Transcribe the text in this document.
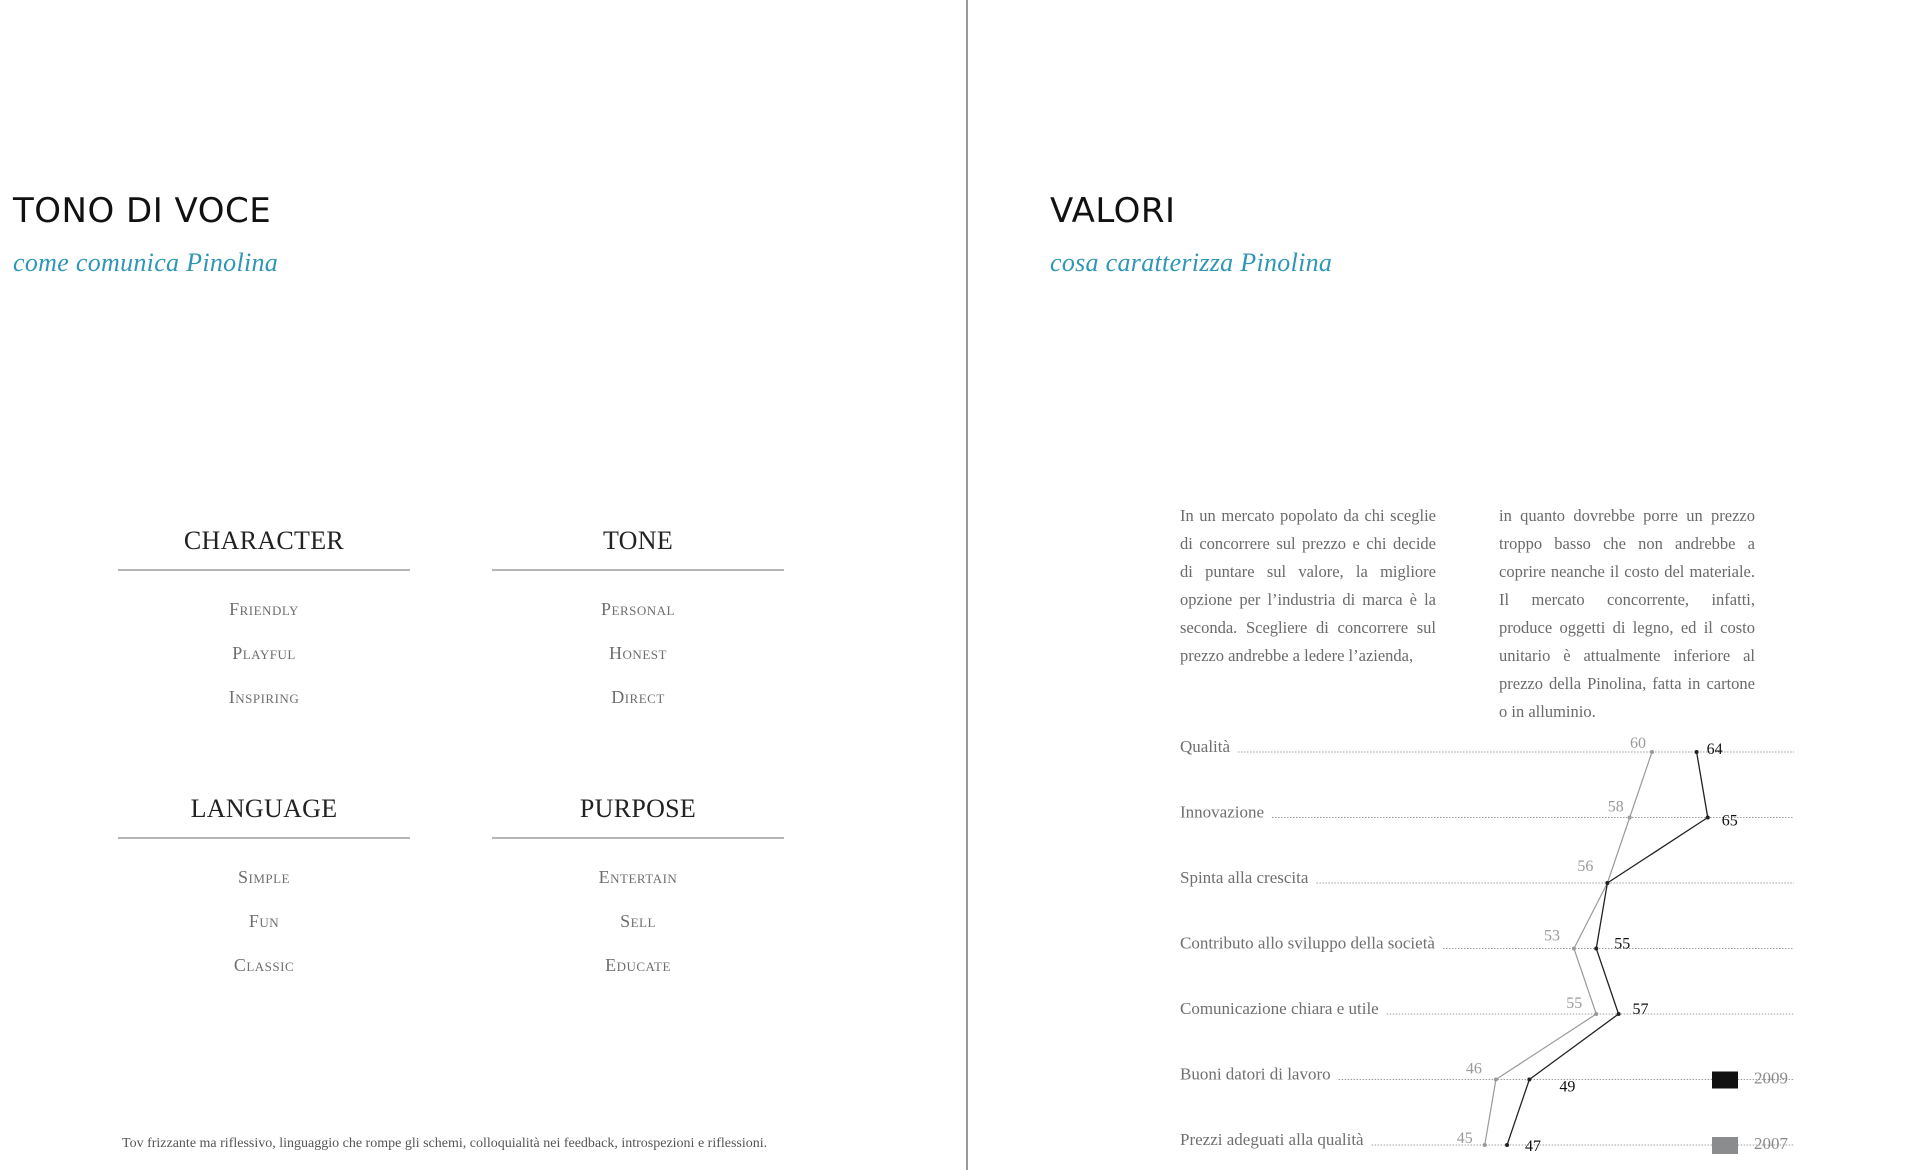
TONO DI VOCE
come comunica Pinolina
CHARACTER
Friendly
Playful
Inspiring
TONE
Personal
Honest
Direct
LANGUAGE
Simple
Fun
Classic
PURPOSE
Entertain
Sell
Educate
Tov frizzante ma riflessivo, linguaggio che rompe gli schemi, colloquialità nei feedback, introspezioni e riflessioni.
VALORI
cosa caratterizza Pinolina

In un mercato popolato da chi sceglie di concorrere sul prezzo e chi decide di puntare sul valore, la migliore opzione per l’industria di marca è la seconda. Scegliere di concorrere sul prezzo andrebbe a ledere l’azienda,

in quanto dovrebbe porre un prezzo troppo basso che non andrebbe a coprire neanche il costo del materiale. Il mercato concorrente, infatti, produce oggetti di legno, ed il costo unitario è attualmente inferiore al prezzo della Pinolina, fatta in cartone o in alluminio.

Qualità
Innovazione
Spinta alla crescita
Contributo allo sviluppo della società
Comunicazione chiara e utile
Buoni datori di lavoro
Prezzi adeguati alla qualità
60
58
56
53
55
46
45
64
65
55
57
49
47
2009
2007
